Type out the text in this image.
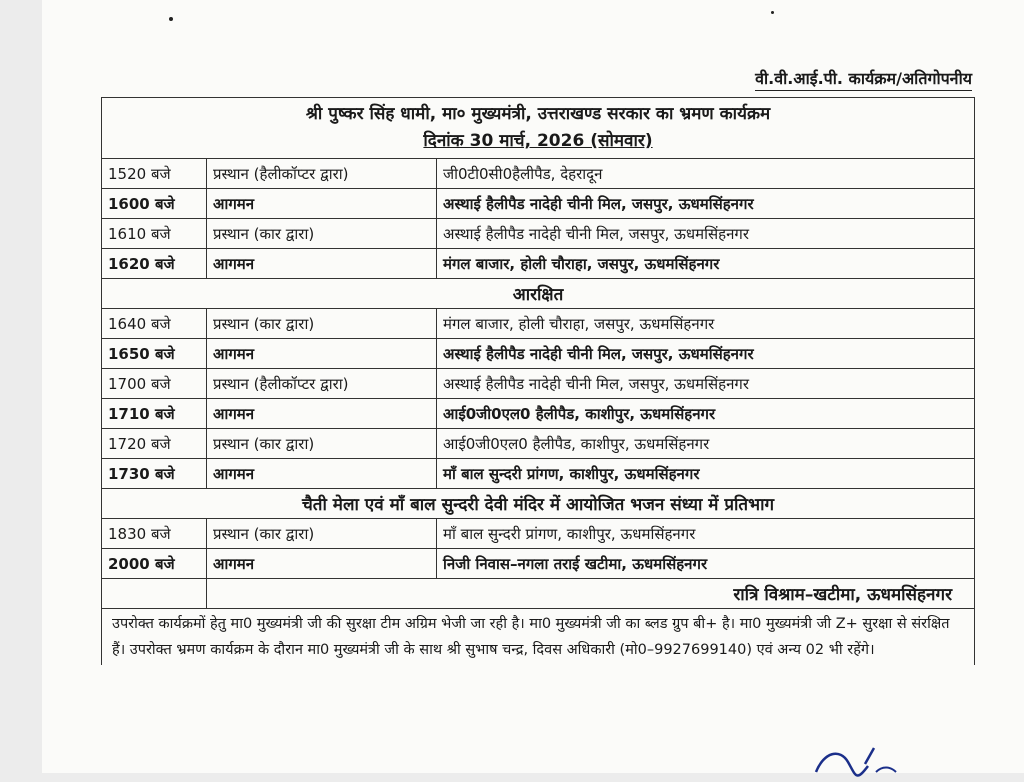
वी.वी.आई.पी. कार्यक्रम/अतिगोपनीय
श्री पुष्कर सिंह धामी, मा० मुख्यमंत्री, उत्तराखण्ड सरकार का भ्रमण कार्यक्रम
दिनांक 30 मार्च, 2026 (सोमवार)		

1520 बजे	प्रस्थान (हैलीकॉप्टर द्वारा)	जी0टी0सी0हैलीपैड, देहरादून
1600 बजे	आगमन	अस्थाई हैलीपैड नादेही चीनी मिल, जसपुर, ऊधमसिंहनगर
1610 बजे	प्रस्थान (कार द्वारा)	अस्थाई हैलीपैड नादेही चीनी मिल, जसपुर, ऊधमसिंहनगर
1620 बजे	आगमन	मंगल बाजार, होली चौराहा, जसपुर, ऊधमसिंहनगर
आरक्षित		
1640 बजे	प्रस्थान (कार द्वारा)	मंगल बाजार, होली चौराहा, जसपुर, ऊधमसिंहनगर
1650 बजे	आगमन	अस्थाई हैलीपैड नादेही चीनी मिल, जसपुर, ऊधमसिंहनगर
1700 बजे	प्रस्थान (हैलीकॉप्टर द्वारा)	अस्थाई हैलीपैड नादेही चीनी मिल, जसपुर, ऊधमसिंहनगर
1710 बजे	आगमन	आई0जी0एल0 हैलीपैड, काशीपुर, ऊधमसिंहनगर
1720 बजे	प्रस्थान (कार द्वारा)	आई0जी0एल0 हैलीपैड, काशीपुर, ऊधमसिंहनगर
1730 बजे	आगमन	माँ बाल सुन्दरी प्रांगण, काशीपुर, ऊधमसिंहनगर
चैती मेला एवं माँ बाल सुन्दरी देवी मंदिर में आयोजित भजन संध्या में प्रतिभाग		
1830 बजे	प्रस्थान (कार द्वारा)	माँ बाल सुन्दरी प्रांगण, काशीपुर, ऊधमसिंहनगर
2000 बजे	आगमन	निजी निवास–नगला तराई खटीमा, ऊधमसिंहनगर
	रात्रि विश्राम–खटीमा, ऊधमसिंहनगर	
उपरोक्त कार्यक्रमों हेतु मा0 मुख्यमंत्री जी की सुरक्षा टीम अग्रिम भेजी जा रही है। मा0 मुख्यमंत्री जी का ब्लड ग्रुप बी+ है। मा0 मुख्यमंत्री जी Z+ सुरक्षा से संरक्षित हैं। उपरोक्त भ्रमण कार्यक्रम के दौरान मा0 मुख्यमंत्री जी के साथ श्री सुभाष चन्द्र, दिवस अधिकारी (मो0–9927699140) एवं अन्य 02 भी रहेंगे।		
